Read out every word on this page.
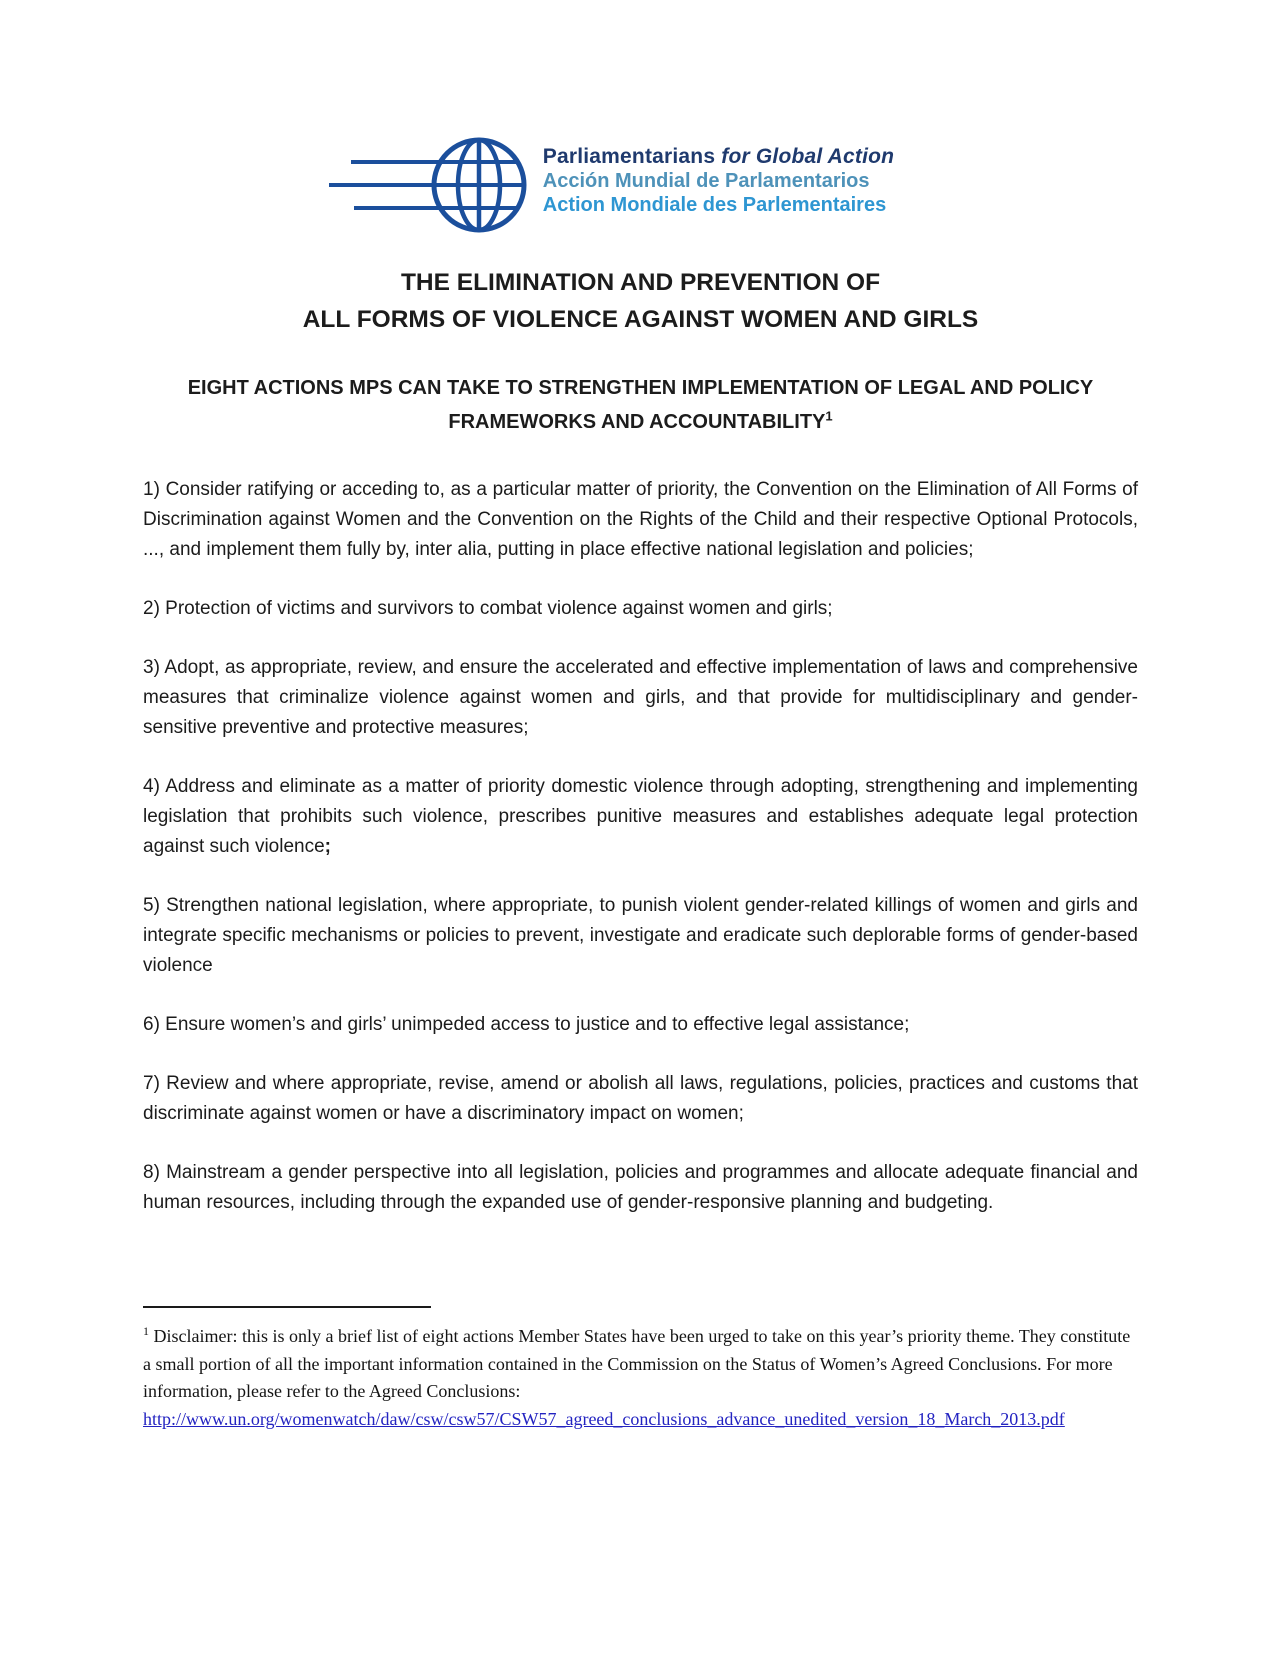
Parliamentarians for Global Action
Acción Mundial de Parlamentarios
Action Mondiale des Parlementaires
THE ELIMINATION AND PREVENTION OF
ALL FORMS OF VIOLENCE AGAINST WOMEN AND GIRLS
EIGHT ACTIONS MPS CAN TAKE TO STRENGTHEN IMPLEMENTATION OF LEGAL AND POLICY FRAMEWORKS AND ACCOUNTABILITY$^1$

1) Consider ratifying or acceding to, as a particular matter of priority, the Convention on the Elimination of All Forms of Discrimination against Women and the Convention on the Rights of the Child and their respective Optional Protocols, ..., and implement them fully by, inter alia, putting in place effective national legislation and policies;

2) Protection of victims and survivors to combat violence against women and girls;

3) Adopt, as appropriate, review, and ensure the accelerated and effective implementation of laws and comprehensive measures that criminalize violence against women and girls, and that provide for multidisciplinary and gender-sensitive preventive and protective measures;

4) Address and eliminate as a matter of priority domestic violence through adopting, strengthening and implementing legislation that prohibits such violence, prescribes punitive measures and establishes adequate legal protection against such violence;

5) Strengthen national legislation, where appropriate, to punish violent gender-related killings of women and girls and integrate specific mechanisms or policies to prevent, investigate and eradicate such deplorable forms of gender-based violence

6) Ensure women’s and girls’ unimpeded access to justice and to effective legal assistance;

7) Review and where appropriate, revise, amend or abolish all laws, regulations, policies, practices and customs that discriminate against women or have a discriminatory impact on women;

8) Mainstream a gender perspective into all legislation, policies and programmes and allocate adequate financial and human resources, including through the expanded use of gender-responsive planning and budgeting.

$^1$ Disclaimer: this is only a brief list of eight actions Member States have been urged to take on this year’s priority theme. They constitute a small portion of all the important information contained in the Commission on the Status of Women’s Agreed Conclusions. For more information, please refer to the Agreed Conclusions:
http://www.un.org/womenwatch/daw/csw/csw57/CSW57_agreed_conclusions_advance_unedited_version_18_March_2013.pdf
